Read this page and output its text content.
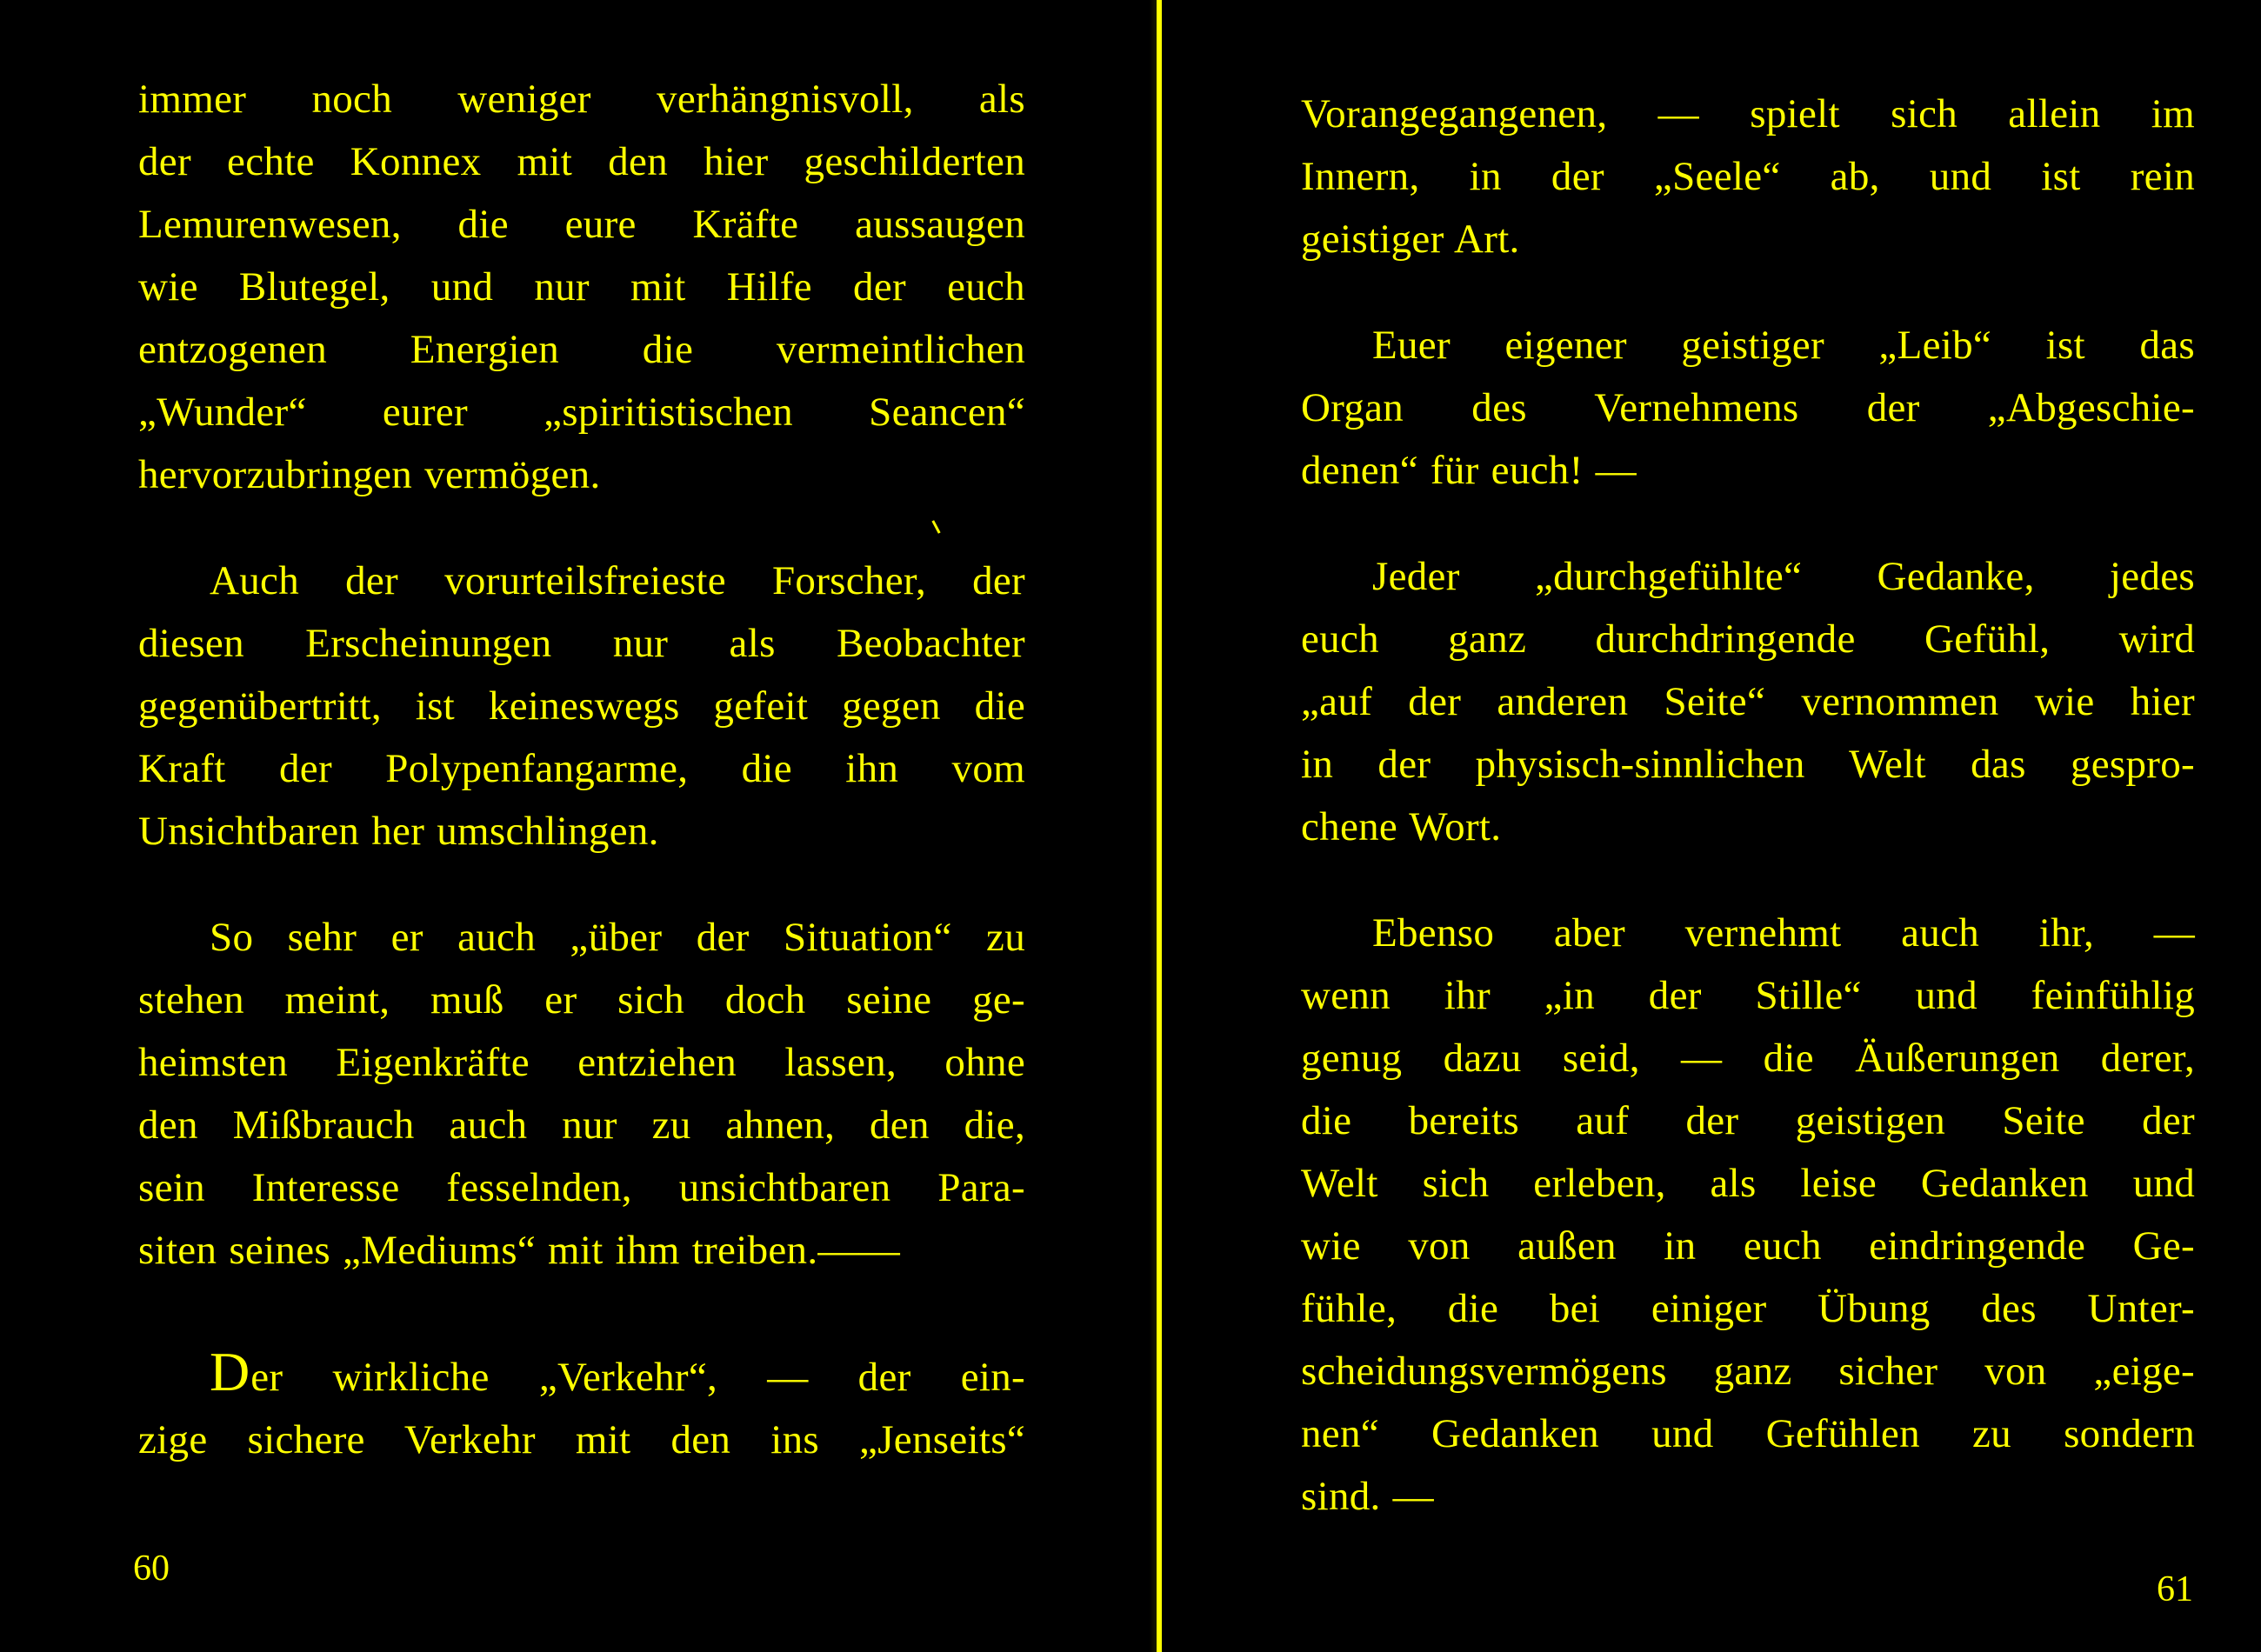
immer noch weniger verhängnisvoll, als
der echte Konnex mit den hier geschilderten
Lemurenwesen, die eure Kräfte aussaugen
wie Blutegel, und nur mit Hilfe der euch
entzogenen Energien die vermeintlichen
„Wunder“ eurer „spiritistischen Seancen“
hervorzubringen vermögen.
Auch der vorurteilsfreieste Forscher, der
diesen Erscheinungen nur als Beobachter
gegenübertritt, ist keineswegs gefeit gegen die
Kraft der Polypenfangarme, die ihn vom
Unsichtbaren her umschlingen.
So sehr er auch „über der Situation“ zu
stehen meint, muß er sich doch seine ge-
heimsten Eigenkräfte entziehen lassen, ohne
den Mißbrauch auch nur zu ahnen, den die,
sein Interesse fesselnden, unsichtbaren Para-
siten seines „Mediums“ mit ihm treiben.——
Der wirkliche „Verkehr“, — der ein-
zige sichere Verkehr mit den ins „Jenseits“
60
Vorangegangenen, — spielt sich allein im
Innern, in der „Seele“ ab, und ist rein
geistiger Art.
Euer eigener geistiger „Leib“ ist das
Organ des Vernehmens der „Abgeschie-
denen“ für euch! —
Jeder „durchgefühlte“ Gedanke, jedes
euch ganz durchdringende Gefühl, wird
„auf der anderen Seite“ vernommen wie hier
in der physisch-sinnlichen Welt das gespro-
chene Wort.
Ebenso aber vernehmt auch ihr, —
wenn ihr „in der Stille“ und feinfühlig
genug dazu seid, — die Äußerungen derer,
die bereits auf der geistigen Seite der
Welt sich erleben, als leise Gedanken und
wie von außen in euch eindringende Ge-
fühle, die bei einiger Übung des Unter-
scheidungsvermögens ganz sicher von „eige-
nen“ Gedanken und Gefühlen zu sondern
sind. —
61
